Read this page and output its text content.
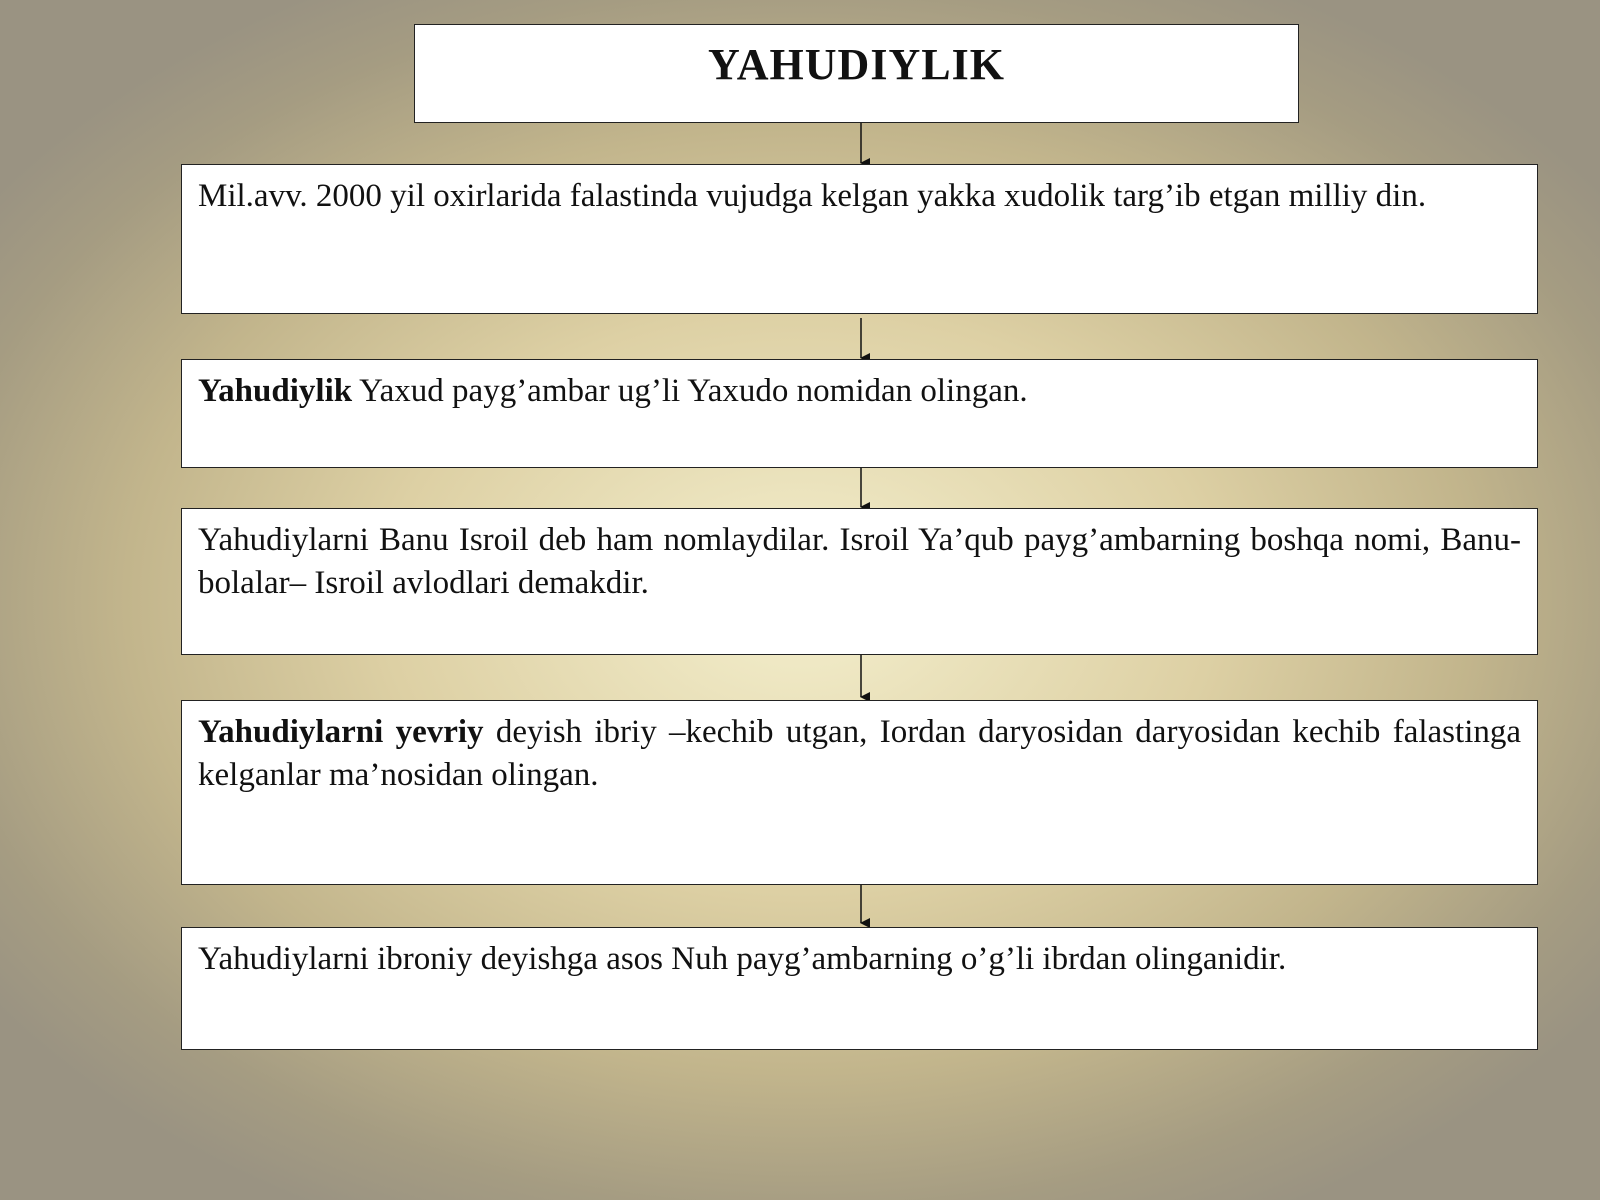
YAHUDIYLIK
Mil.avv. 2000 yil oxirlarida falastinda vujudga kelgan yakka xudolik targ’ib etgan milliy din.
Yahudiylik Yaxud payg’ambar ug’li Yaxudo nomidan olingan.
Yahudiylarni Banu Isroil deb ham nomlaydilar. Isroil Ya’qub payg’ambarning boshqa nomi, Banu-bolalar– Isroil avlodlari demakdir.
Yahudiylarni yevriy deyish ibriy –kechib utgan, Iordan daryosidan daryosidan kechib falastinga kelganlar ma’nosidan olingan.
Yahudiylarni ibroniy deyishga asos Nuh payg’ambarning o’g’li ibrdan olinganidir.
